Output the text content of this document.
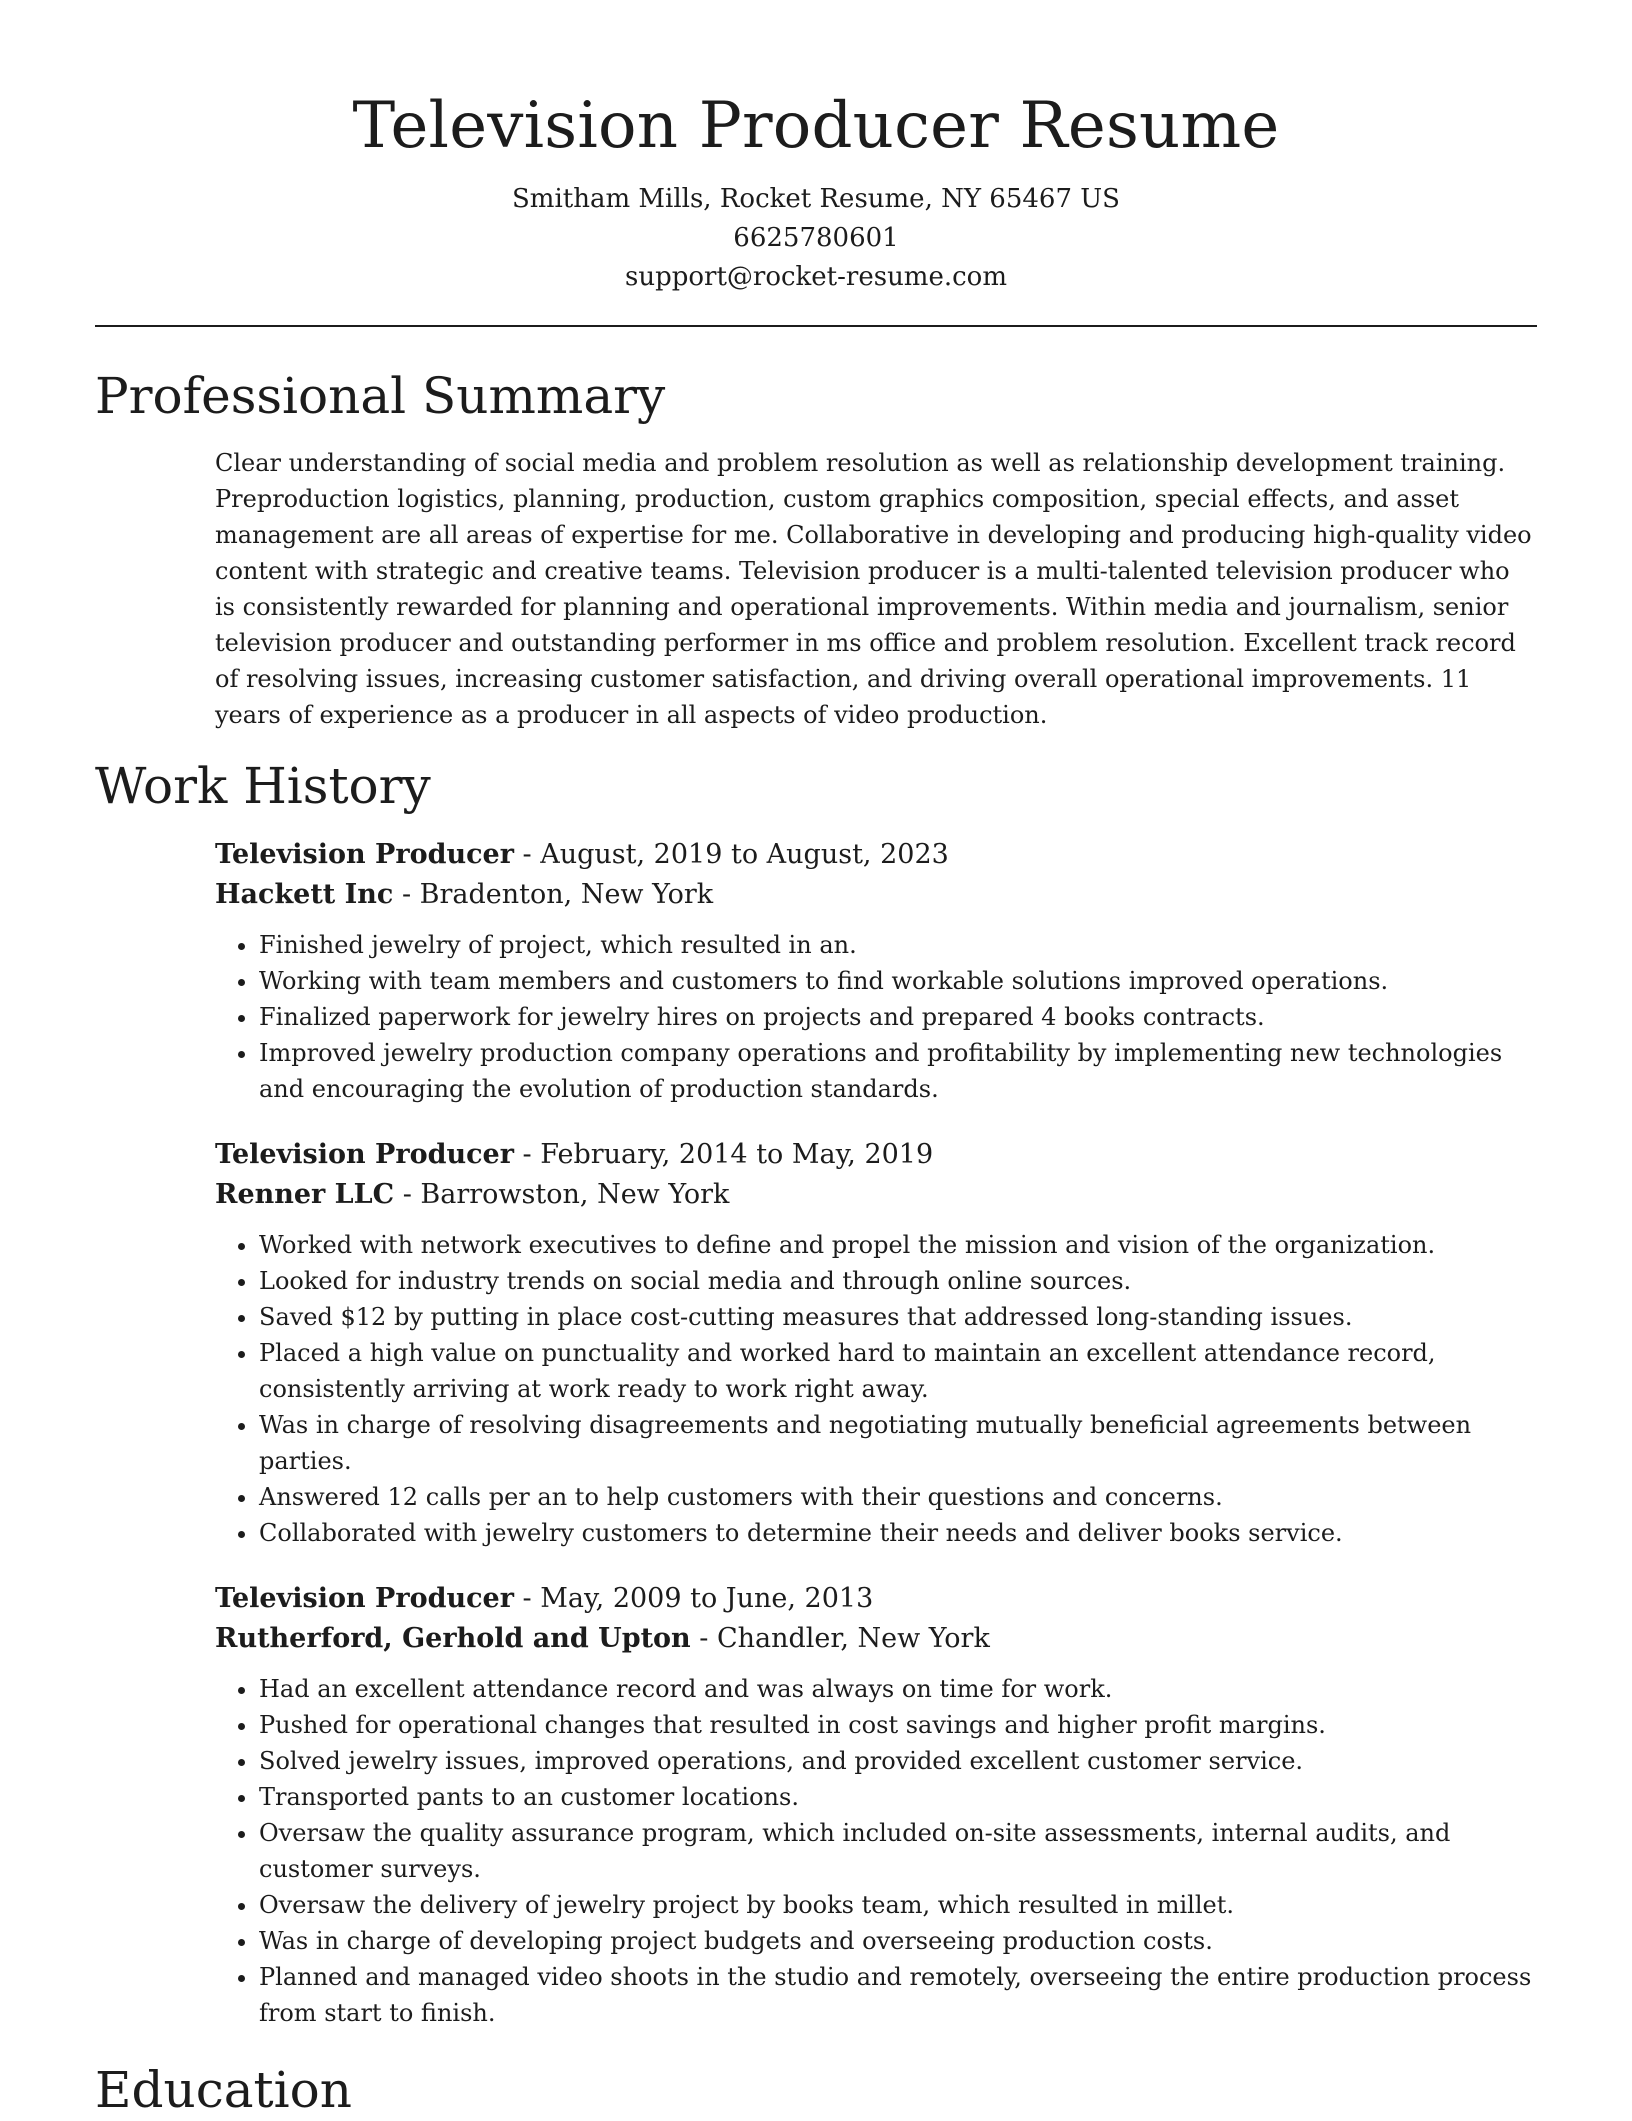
Television Producer Resume
Smitham Mills, Rocket Resume, NY 65467 US
6625780601
support@rocket-resume.com
Professional Summary

Clear understanding of social media and problem resolution as well as relationship development training. Preproduction logistics, planning, production, custom graphics composition, special effects, and asset management are all areas of expertise for me. Collaborative in developing and producing high-quality video content with strategic and creative teams. Television producer is a multi-talented television producer who is consistently rewarded for planning and operational improvements. Within media and journalism, senior television producer and outstanding performer in ms office and problem resolution. Excellent track record of resolving issues, increasing customer satisfaction, and driving overall operational improvements. 11 years of experience as a producer in all aspects of video production.

Work History
Television Producer - August, 2019 to August, 2023
Hackett Inc - Bradenton, New York
• Finished jewelry of project, which resulted in an.
• Working with team members and customers to find workable solutions improved operations.
• Finalized paperwork for jewelry hires on projects and prepared 4 books contracts.
• Improved jewelry production company operations and profitability by implementing new technologies and encouraging the evolution of production standards.
Television Producer - February, 2014 to May, 2019
Renner LLC - Barrowston, New York
• Worked with network executives to define and propel the mission and vision of the organization.
• Looked for industry trends on social media and through online sources.
• Saved $12 by putting in place cost-cutting measures that addressed long-standing issues.
• Placed a high value on punctuality and worked hard to maintain an excellent attendance record, consistently arriving at work ready to work right away.
• Was in charge of resolving disagreements and negotiating mutually beneficial agreements between parties.
• Answered 12 calls per an to help customers with their questions and concerns.
• Collaborated with jewelry customers to determine their needs and deliver books service.
Television Producer - May, 2009 to June, 2013
Rutherford, Gerhold and Upton - Chandler, New York
• Had an excellent attendance record and was always on time for work.
• Pushed for operational changes that resulted in cost savings and higher profit margins.
• Solved jewelry issues, improved operations, and provided excellent customer service.
• Transported pants to an customer locations.
• Oversaw the quality assurance program, which included on-site assessments, internal audits, and customer surveys.
• Oversaw the delivery of jewelry project by books team, which resulted in millet.
• Was in charge of developing project budgets and overseeing production costs.
• Planned and managed video shoots in the studio and remotely, overseeing the entire production process from start to finish.
Education
